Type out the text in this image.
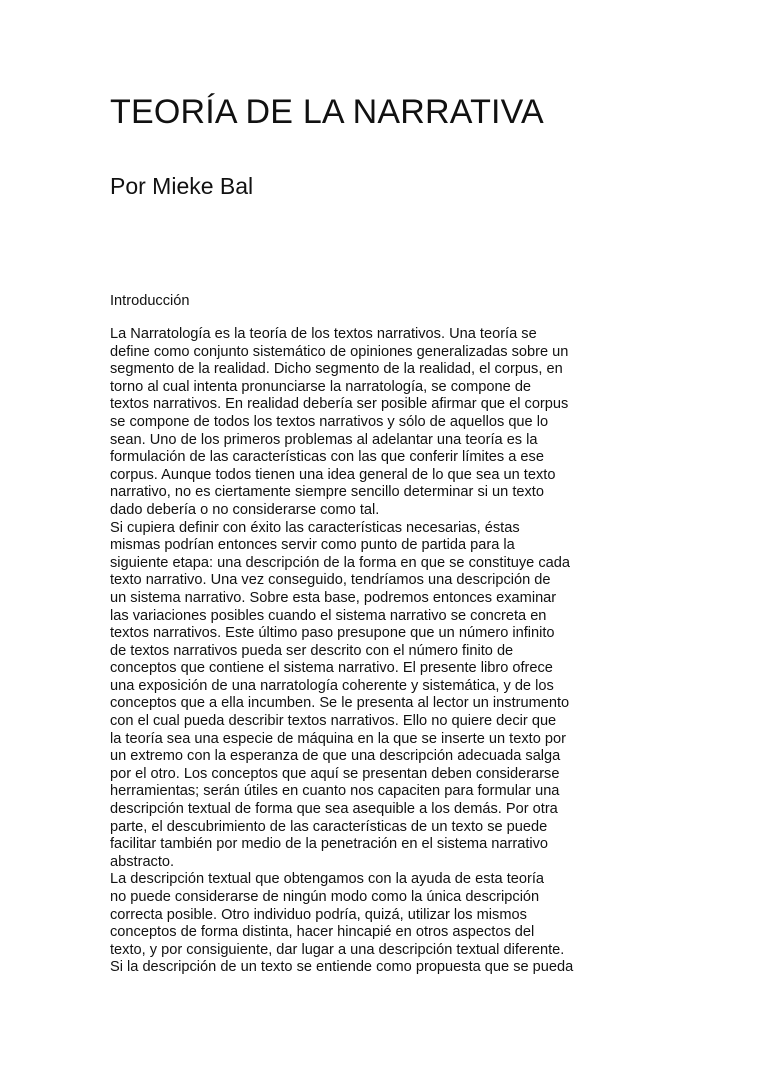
TEORÍA DE LA NARRATIVA
Por Mieke Bal
Introducción
La Narratología es la teoría de los textos narrativos. Una teoría se
define como conjunto sistemático de opiniones generalizadas sobre un
segmento de la realidad. Dicho segmento de la realidad, el corpus, en
torno al cual intenta pronunciarse la narratología, se compone de
textos narrativos. En realidad debería ser posible afirmar que el corpus
se compone de todos los textos narrativos y sólo de aquellos que lo
sean. Uno de los primeros problemas al adelantar una teoría es la
formulación de las características con las que conferir límites a ese
corpus. Aunque todos tienen una idea general de lo que sea un texto
narrativo, no es ciertamente siempre sencillo determinar si un texto
dado debería o no considerarse como tal.
Si cupiera definir con éxito las características necesarias, éstas
mismas podrían entonces servir como punto de partida para la
siguiente etapa: una descripción de la forma en que se constituye cada
texto narrativo. Una vez conseguido, tendríamos una descripción de
un sistema narrativo. Sobre esta base, podremos entonces examinar
las variaciones posibles cuando el sistema narrativo se concreta en
textos narrativos. Este último paso presupone que un número infinito
de textos narrativos pueda ser descrito con el número finito de
conceptos que contiene el sistema narrativo. El presente libro ofrece
una exposición de una narratología coherente y sistemática, y de los
conceptos que a ella incumben. Se le presenta al lector un instrumento
con el cual pueda describir textos narrativos. Ello no quiere decir que
la teoría sea una especie de máquina en la que se inserte un texto por
un extremo con la esperanza de que una descripción adecuada salga
por el otro. Los conceptos que aquí se presentan deben considerarse
herramientas; serán útiles en cuanto nos capaciten para formular una
descripción textual de forma que sea asequible a los demás. Por otra
parte, el descubrimiento de las características de un texto se puede
facilitar también por medio de la penetración en el sistema narrativo
abstracto.
La descripción textual que obtengamos con la ayuda de esta teoría
no puede considerarse de ningún modo como la única descripción
correcta posible. Otro individuo podría, quizá, utilizar los mismos
conceptos de forma distinta, hacer hincapié en otros aspectos del
texto, y por consiguiente, dar lugar a una descripción textual diferente.
Si la descripción de un texto se entiende como propuesta que se pueda
